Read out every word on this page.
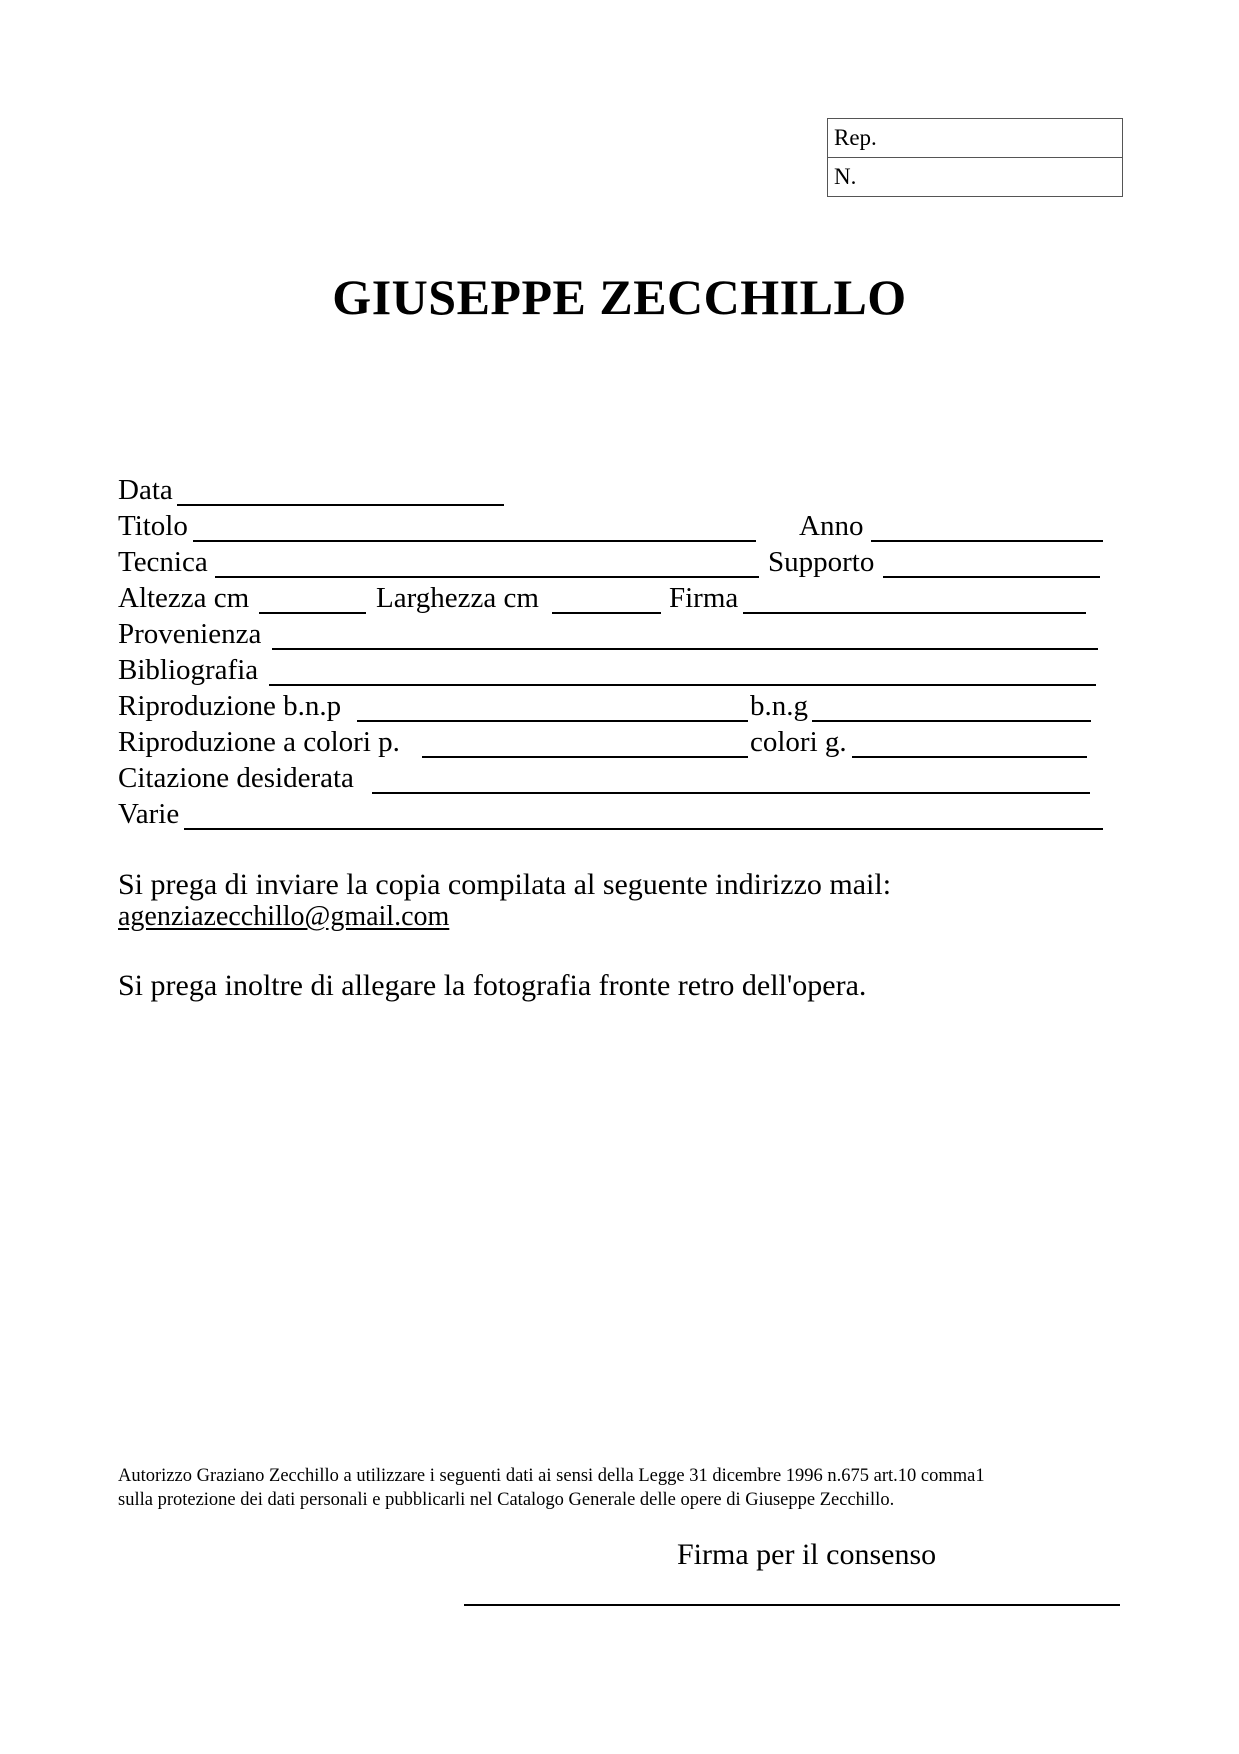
Rep.
N.
GIUSEPPE ZECCHILLO
Data
Titolo	Anno
Tecnica	Supporto
Altezza cm	Larghezza cm	Firma
Provenienza
Bibliografia
Riproduzione b.n.p	b.n.g
Riproduzione a colori p.	colori g.
Citazione desiderata
Varie
Si prega di inviare la copia compilata al seguente indirizzo mail:
agenziazecchillo@gmail.com
Si prega inoltre di allegare la fotografia fronte retro dell'opera.
Autorizzo Graziano Zecchillo a utilizzare i seguenti dati ai sensi della Legge 31 dicembre 1996 n.675 art.10 comma1
sulla protezione dei dati personali e pubblicarli nel Catalogo Generale delle opere di Giuseppe Zecchillo.
Firma per il consenso
